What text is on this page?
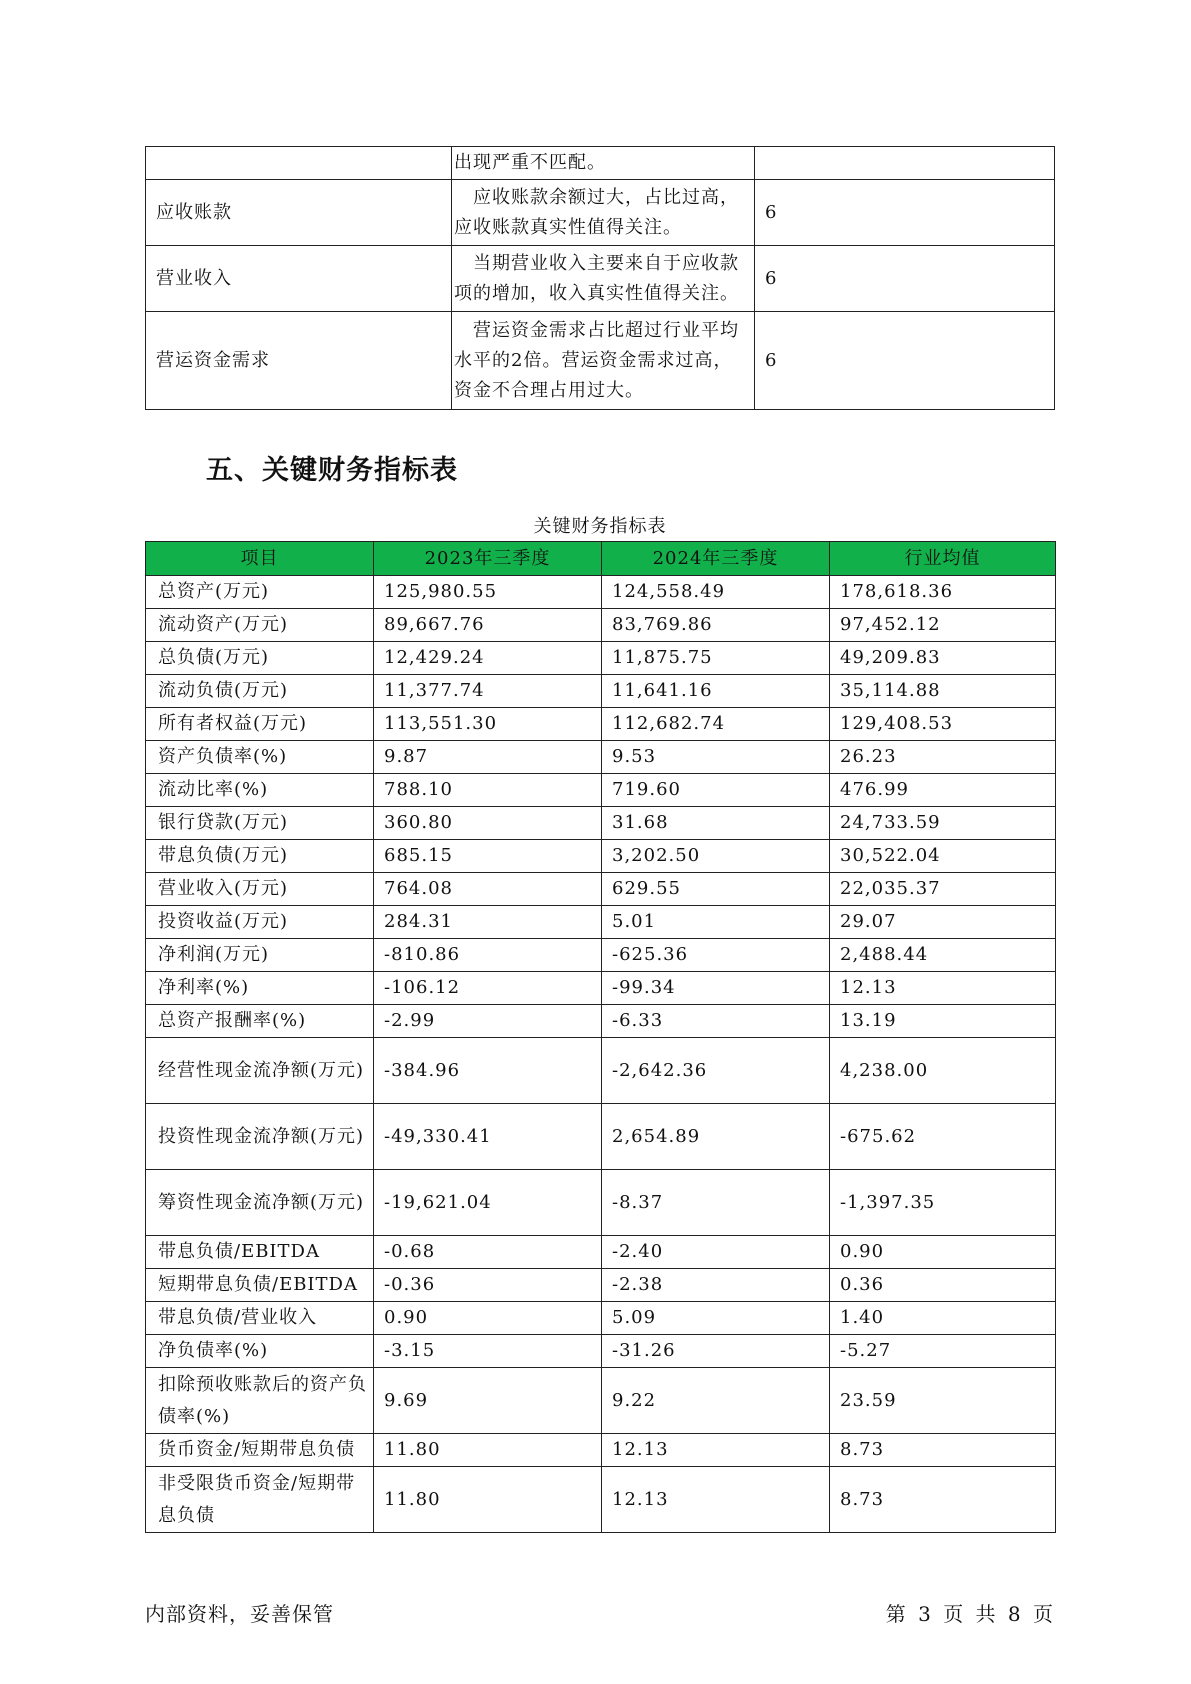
	出现严重不匹配。	
应收账款	　应收账款余额过大，占比过高，应收账款真实性值得关注。	6
营业收入	　当期营业收入主要来自于应收款项的增加，收入真实性值得关注。	6
营运资金需求	　营运资金需求占比超过行业平均水平的2倍。营运资金需求过高，资金不合理占用过大。	6
五、关键财务指标表
关键财务指标表
项目	2023年三季度	2024年三季度	行业均值
总资产(万元)	125,980.55	124,558.49	178,618.36
流动资产(万元)	89,667.76	83,769.86	97,452.12
总负债(万元)	12,429.24	11,875.75	49,209.83
流动负债(万元)	11,377.74	11,641.16	35,114.88
所有者权益(万元)	113,551.30	112,682.74	129,408.53
资产负债率(%)	9.87	9.53	26.23
流动比率(%)	788.10	719.60	476.99
银行贷款(万元)	360.80	31.68	24,733.59
带息负债(万元)	685.15	3,202.50	30,522.04
营业收入(万元)	764.08	629.55	22,035.37
投资收益(万元)	284.31	5.01	29.07
净利润(万元)	-810.86	-625.36	2,488.44
净利率(%)	-106.12	-99.34	12.13
总资产报酬率(%)	-2.99	-6.33	13.19
经营性现金流净额(万元)	-384.96	-2,642.36	4,238.00
投资性现金流净额(万元)	-49,330.41	2,654.89	-675.62
筹资性现金流净额(万元)	-19,621.04	-8.37	-1,397.35
带息负债/EBITDA	-0.68	-2.40	0.90
短期带息负债/EBITDA	-0.36	-2.38	0.36
带息负债/营业收入	0.90	5.09	1.40
净负债率(%)	-3.15	-31.26	-5.27
扣除预收账款后的资产负债率(%)	9.69	9.22	23.59
货币资金/短期带息负债	11.80	12.13	8.73
非受限货币资金/短期带息负债	11.80	12.13	8.73
内部资料，妥善保管	第 3 页 共 8 页
